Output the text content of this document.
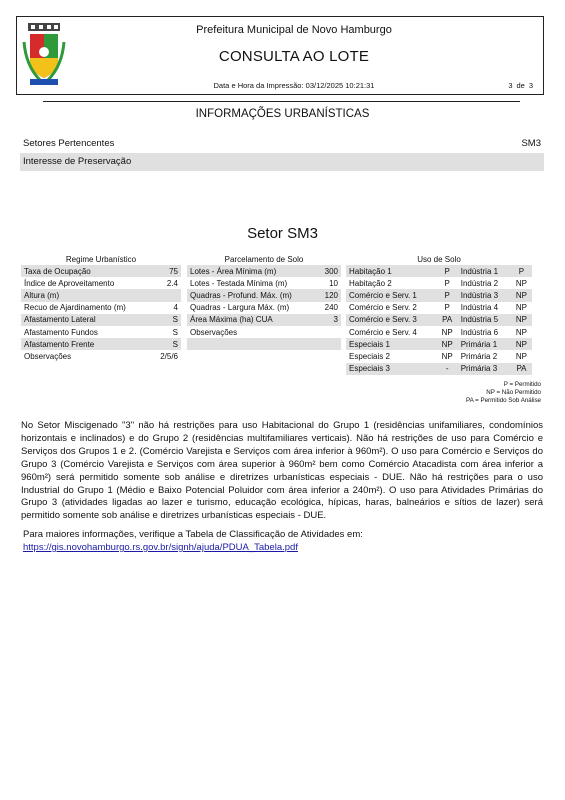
Prefeitura Municipal de Novo Hamburgo
CONSULTA AO LOTE
Data e Hora da Impressão: 03/12/2025 10:21:31	3 de 3
INFORMAÇÕES URBANÍSTICAS
Setores Pertencentes	SM3
Interesse de Preservação
Setor SM3
Regime Urbanístico
Taxa de Ocupação	75
Índice de Aproveitamento	2.4
Altura (m)	
Recuo de Ajardinamento (m)	4
Afastamento Lateral	S
Afastamento Fundos	S
Afastamento Frente	S
Observações	2/5/6
Parcelamento de Solo
Lotes - Área Mínima (m)	300
Lotes - Testada Mínima (m)	10
Quadras - Profund. Máx. (m)	120
Quadras - Largura Máx. (m)	240
Área Máxima (ha) CUA	3
Observações	

Uso de Solo
Habitação 1	P	Indústria 1	P
Habitação 2	P	Indústria 2	NP
Comércio e Serv. 1	P	Indústria 3	NP
Comércio e Serv. 2	P	Indústria 4	NP
Comércio e Serv. 3	PA	Indústria 5	NP
Comércio e Serv. 4	NP	Indústria 6	NP
Especiais 1	NP	Primária 1	NP
Especiais 2	NP	Primária 2	NP
Especiais 3	-	Primária 3	PA
P = Permitido
NP = Não Permitido
PA = Permitido Sob Análise
No Setor Miscigenado "3" não há restrições para uso Habitacional do Grupo 1 (residências unifamiliares, condomínios horizontais e inclinados) e do Grupo 2 (residências multifamiliares verticais). Não há restrições de uso para Comércio e Serviços dos Grupos 1 e 2. (Comércio Varejista e Serviços com área inferior à 960m²). O uso para Comércio e Serviços do Grupo 3 (Comércio Varejista e Serviços com área superior à 960m² bem como Comércio Atacadista com área inferior a 960m²) será permitido somente sob análise e diretrizes urbanísticas especiais - DUE. Não há restrições para o uso Industrial do Grupo 1 (Médio e Baixo Potencial Poluidor com área inferior a 240m²). O uso para Atividades Primárias do Grupo 3 (atividades ligadas ao lazer e turismo, educação ecológica, hípicas, haras, balneários e sítios de lazer) será permitido somente sob análise e diretrizes urbanísticas especiais - DUE.
Para maiores informações, verifique a Tabela de Classificação de Atividades em:
https://gis.novohamburgo.rs.gov.br/signh/ajuda/PDUA_Tabela.pdf
